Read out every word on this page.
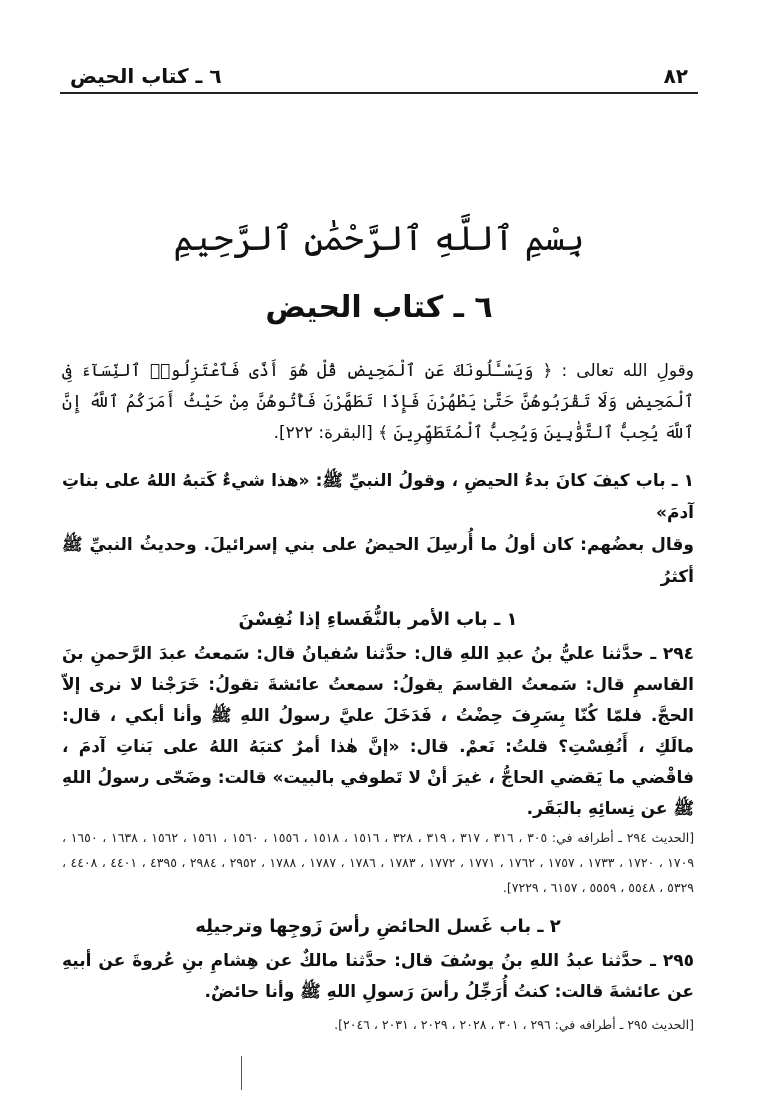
٨٢
٦ ـ كتاب الحيض
بِسْمِ ٱللَّهِ ٱلرَّحْمَٰنِ ٱلرَّحِيمِ
٦ ـ كتاب الحيض

وقولِ الله تعالى : ﴿ وَيَسْـَٔلُونَكَ عَنِ ٱلْمَحِيضِ قُلْ هُوَ أَذًى فَٱعْتَزِلُوا۟ ٱلنِّسَآءَ فِى ٱلْمَحِيضِ وَلَا تَقْرَبُوهُنَّ حَتَّىٰ يَطْهُرْنَ فَإِذَا تَطَهَّرْنَ فَأْتُوهُنَّ مِنْ حَيْثُ أَمَرَكُمُ ٱللَّهُ إِنَّ ٱللَّهَ يُحِبُّ ٱلتَّوَّٰبِينَ وَيُحِبُّ ٱلْمُتَطَهِّرِينَ ﴾ [البقرة: ٢٢٢].

١ ـ باب كيفَ كانَ بدءُ الحيضِ ، وقولُ النبيِّ ﷺ: «هذا شيءٌ كَتبهُ اللهُ على بناتِ آدمَ»

وقال بعضُهم: كان أولُ ما أُرسِلَ الحيضُ على بني إسرائيلَ. وحديثُ النبيِّ ﷺ أكثرُ

١ ـ باب الأمر بالنُّفَساءِ إذا نُفِسْنَ

٢٩٤ ـ حدَّثنا عليُّ بنُ عبدِ اللهِ قال: حدَّثنا سُفيانُ قال: سَمعتُ عبدَ الرَّحمنِ بنَ القاسمِ قال: سَمعتُ القاسمَ يقولُ: سمعتُ عائشةَ تقولُ: خَرَجْنا لا نرى إلاّ الحجَّ. فلمّا كُنّا بِسَرِفَ حِضْتُ ، فَدَخَلَ عليَّ رسولُ اللهِ ﷺ وأنا أبكي ، قال: مالَكِ ، أَنُفِسْتِ؟ قلتُ: نَعمْ. قال: «إنَّ هٰذا أمرٌ كتبَهُ اللهُ على بَناتِ آدمَ ، فاقْضي ما يَقضي الحاجُّ ، غيرَ أنْ لا تَطوفي بالبيت» قالت: وضَحّى رسولُ اللهِ ﷺ عن نِسائِهِ بالبَقَر.

[الحديث ٢٩٤ ـ أطرافه في: ٣٠٥ ، ٣١٦ ، ٣١٧ ، ٣١٩ ، ٣٢٨ ، ١٥١٦ ، ١٥١٨ ، ١٥٥٦ ، ١٥٦٠ ، ١٥٦١ ، ١٥٦٢ ، ١٦٣٨ ، ١٦٥٠ ، ١٧٠٩ ، ١٧٢٠ ، ١٧٣٣ ، ١٧٥٧ ، ١٧٦٢ ، ١٧٧١ ، ١٧٧٢ ، ١٧٨٣ ، ١٧٨٦ ، ١٧٨٧ ، ١٧٨٨ ، ٢٩٥٢ ، ٢٩٨٤ ، ٤٣٩٥ ، ٤٤٠١ ، ٤٤٠٨ ، ٥٣٢٩ ، ٥٥٤٨ ، ٥٥٥٩ ، ٦١٥٧ ، ٧٢٢٩].

٢ ـ باب غَسل الحائضِ رأسَ زَوجِها وترجيلِه

٢٩٥ ـ حدَّثنا عبدُ اللهِ بنُ يوسُفَ قال: حدَّثنا مالكٌ عن هِشامِ بنِ عُروةَ عن أبيهِ عن عائشةَ قالت: كنتُ أُرَجِّلُ رأسَ رَسولِ اللهِ ﷺ وأنا حائضٌ.

[الحديث ٢٩٥ ـ أطرافه في: ٢٩٦ ، ٣٠١ ، ٢٠٢٨ ، ٢٠٢٩ ، ٢٠٣١ ، ٢٠٤٦].
